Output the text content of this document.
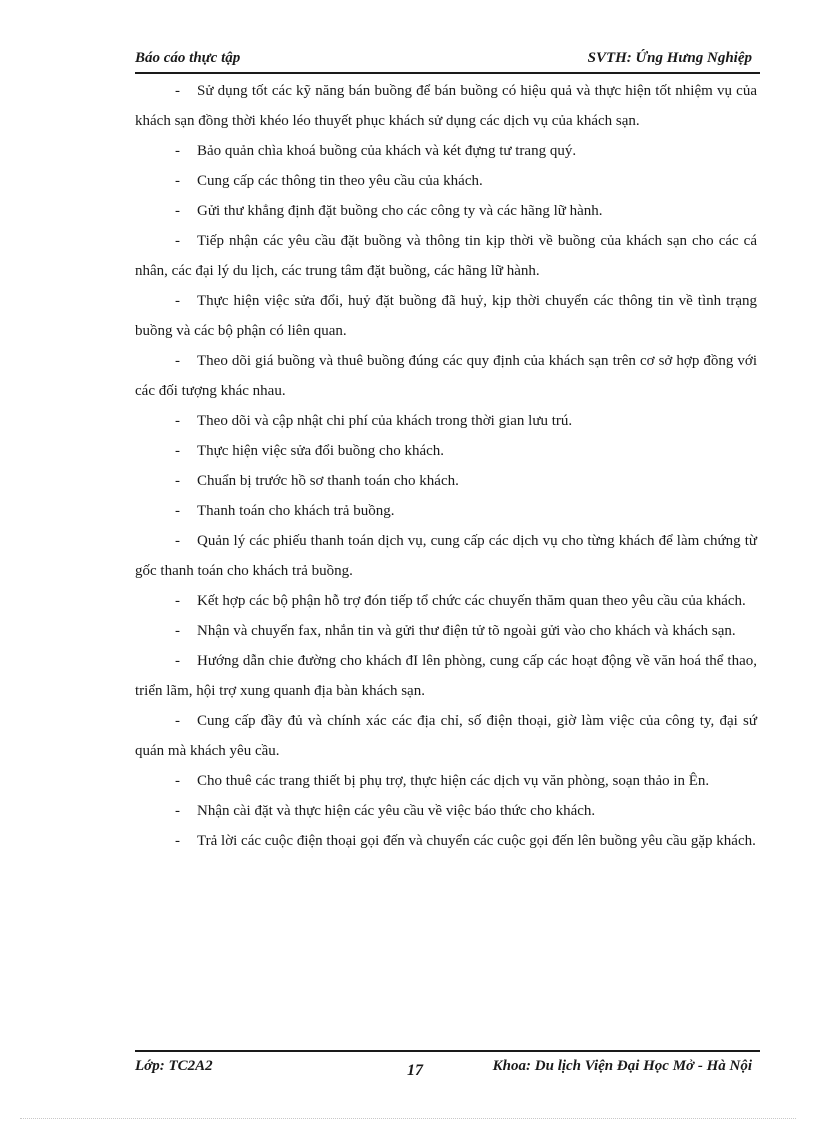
Báo cáo thực tập	SVTH: Ứng Hưng Nghiệp

- Sử dụng tốt các kỹ năng bán buồng để bán buồng có hiệu quả và thực hiện tốt nhiệm vụ của khách sạn đồng thời khéo léo thuyết phục khách sử dụng các dịch vụ của khách sạn.

- Bảo quản chìa khoá buồng của khách và két đựng tư trang quý.

- Cung cấp các thông tin theo yêu cầu của khách.

- Gửi thư khẳng định đặt buồng cho các công ty và các hãng lữ hành.

- Tiếp nhận các yêu cầu đặt buồng và thông tin kịp thời về buồng của khách sạn cho các cá nhân, các đại lý du lịch, các trung tâm đặt buồng, các hãng lữ hành.

- Thực hiện việc sửa đổi, huỷ đặt buồng đã huỷ, kịp thời chuyển các thông tin về tình trạng buồng và các bộ phận có liên quan.

- Theo dõi giá buồng và thuê buồng đúng các quy định của khách sạn trên cơ sở hợp đồng với các đối tượng khác nhau.

- Theo dõi và cập nhật chi phí của khách trong thời gian lưu trú.

- Thực hiện việc sửa đổi buồng cho khách.

- Chuẩn bị trước hồ sơ thanh toán cho khách.

- Thanh toán cho khách trả buồng.

- Quản lý các phiếu thanh toán dịch vụ, cung cấp các dịch vụ cho từng khách để làm chứng từ gốc thanh toán cho khách trả buồng.

- Kết hợp các bộ phận hỗ trợ đón tiếp tổ chức các chuyến thăm quan theo yêu cầu của khách.

- Nhận và chuyển fax, nhắn tin và gửi thư điện tử tõ ngoài gửi vào cho khách và khách sạn.

- Hướng dẫn chie đường cho khách đI lên phòng, cung cấp các hoạt động về văn hoá thể thao, triển lãm, hội trợ xung quanh địa bàn khách sạn.

- Cung cấp đầy đủ và chính xác các địa chỉ, số điện thoại, giờ làm việc của công ty, đại sứ quán mà khách yêu cầu.

- Cho thuê các trang thiết bị phụ trợ, thực hiện các dịch vụ văn phòng, soạn thảo in Ên.

- Nhận cài đặt và thực hiện các yêu cầu về việc báo thức cho khách.

- Trả lời các cuộc điện thoại gọi đến và chuyển các cuộc gọi đến lên buồng yêu cầu gặp khách.

Lớp: TC2A2	17	Khoa: Du lịch Viện Đại Học Mở - Hà Nội
